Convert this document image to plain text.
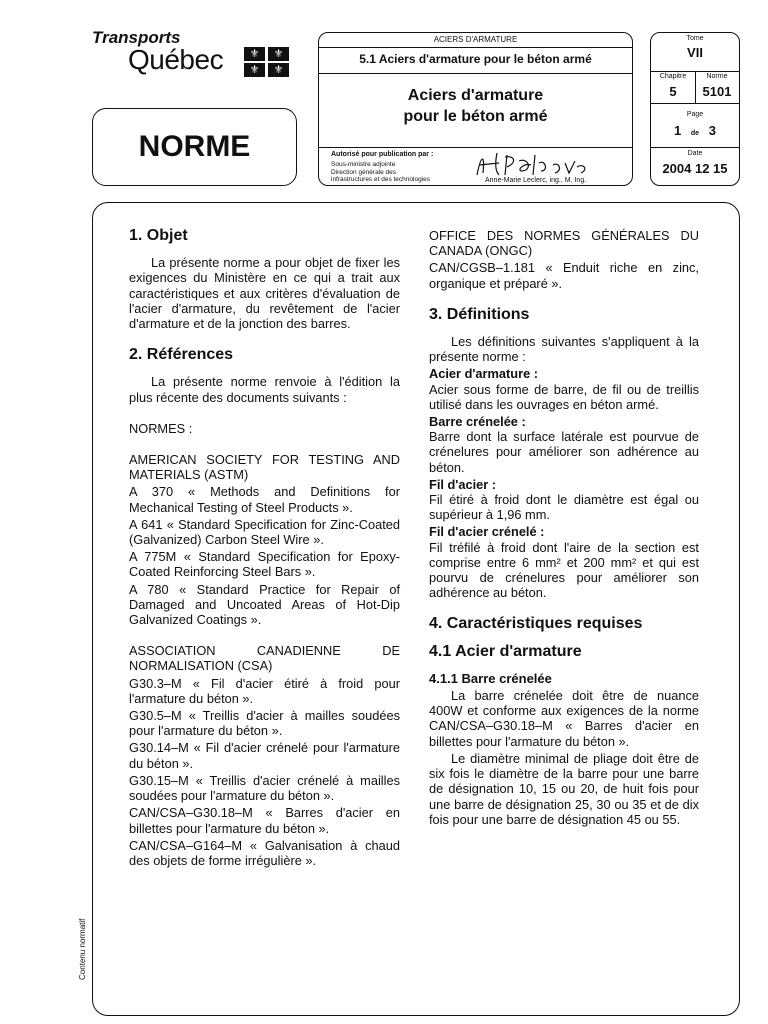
Transports
Québec	⚜	⚜
⚜	⚜
NORME
ACIERS D'ARMATURE
5.1 Aciers d'armature pour le béton armé
Aciers d'armature
pour le béton armé
Autorisé pour publication par :
Sous-ministre adjointe
Direction générale des
infrastructures et des technologies	Anne-Marie Leclerc, ing., M. Ing.
Tome
VII
Chapitre
5
Norme
5101
Page
1 de 3
Date
2004 12 15
Contenu normatif
1. Objet

La présente norme a pour objet de fixer les exigences du Ministère en ce qui a trait aux caractéristiques et aux critères d'évaluation de l'acier d'armature, du revêtement de l'acier d'armature et de la jonction des barres.

2. Références

La présente norme renvoie à l'édition la plus récente des documents suivants :

NORMES :

AMERICAN SOCIETY FOR TESTING AND MATERIALS (ASTM)

A 370 « Methods and Definitions for Mechanical Testing of Steel Products ».

A 641 « Standard Specification for Zinc-Coated (Galvanized) Carbon Steel Wire ».

A 775M « Standard Specification for Epoxy-Coated Reinforcing Steel Bars ».

A 780 « Standard Practice for Repair of Damaged and Uncoated Areas of Hot-Dip Galvanized Coatings ».

ASSOCIATION CANADIENNE DE NORMALISATION (CSA)

G30.3–M « Fil d'acier étiré à froid pour l'armature du béton ».

G30.5–M « Treillis d'acier à mailles soudées pour l'armature du béton ».

G30.14–M « Fil d'acier crénelé pour l'armature du béton ».

G30.15–M « Treillis d'acier crénelé à mailles soudées pour l'armature du béton ».

CAN/CSA–G30.18–M « Barres d'acier en billettes pour l'armature du béton ».

CAN/CSA–G164–M « Galvanisation à chaud des objets de forme irrégulière ».

OFFICE DES NORMES GÉNÉRALES DU CANADA (ONGC)

CAN/CGSB–1.181 « Enduit riche en zinc, organique et préparé ».

3. Définitions

Les définitions suivantes s'appliquent à la présente norme :

Acier d'armature :

Acier sous forme de barre, de fil ou de treillis utilisé dans les ouvrages en béton armé.

Barre crénelée :

Barre dont la surface latérale est pourvue de crénelures pour améliorer son adhérence au béton.

Fil d'acier :

Fil étiré à froid dont le diamètre est égal ou supérieur à 1,96 mm.

Fil d'acier crénelé :

Fil tréfilé à froid dont l'aire de la section est comprise entre 6 mm² et 200 mm² et qui est pourvu de crénelures pour améliorer son adhérence au béton.

4. Caractéristiques requises
4.1 Acier d'armature
4.1.1 Barre crénelée

La barre crénelée doit être de nuance 400W et conforme aux exigences de la norme CAN/CSA–G30.18–M « Barres d'acier en billettes pour l'armature du béton ».

Le diamètre minimal de pliage doit être de six fois le diamètre de la barre pour une barre de désignation 10, 15 ou 20, de huit fois pour une barre de désignation 25, 30 ou 35 et de dix fois pour une barre de désignation 45 ou 55.
